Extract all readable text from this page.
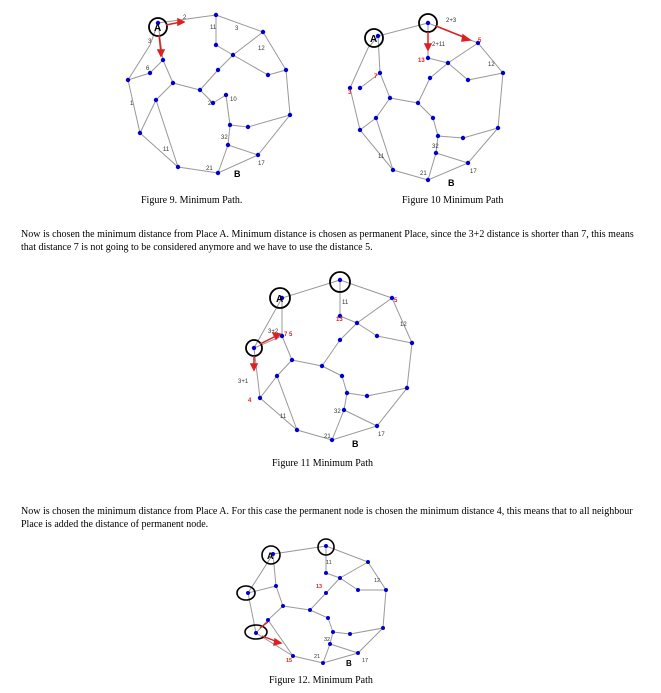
A
B
2
3
11	3
12
6
2
10
1
11
32
21
17
Figure 9. Minimum Path.
A
B
2+3
2+11
13
5
7
3
12
11
21	17
32
Figure 10 Minimum Path
Now is chosen the minimum distance from Place A. Minimum distance is chosen as permanent Place, since the 3+2 distance is shorter than 7, this means that distance 7 is not going to be considered anymore and we have to use the distance 5.
A
B
3+2 7 5
3+1
4
13
5
11
12
11
32
21	17
Figure 11 Minimum Path
Now is chosen the minimum distance from Place A. For this case the permanent node is chosen the minimum distance 4, this means that to all neighbour Place is added the distance of permanent node.
A
B
15
13
11
12
21
17
32
Figure 12. Minimum Path
